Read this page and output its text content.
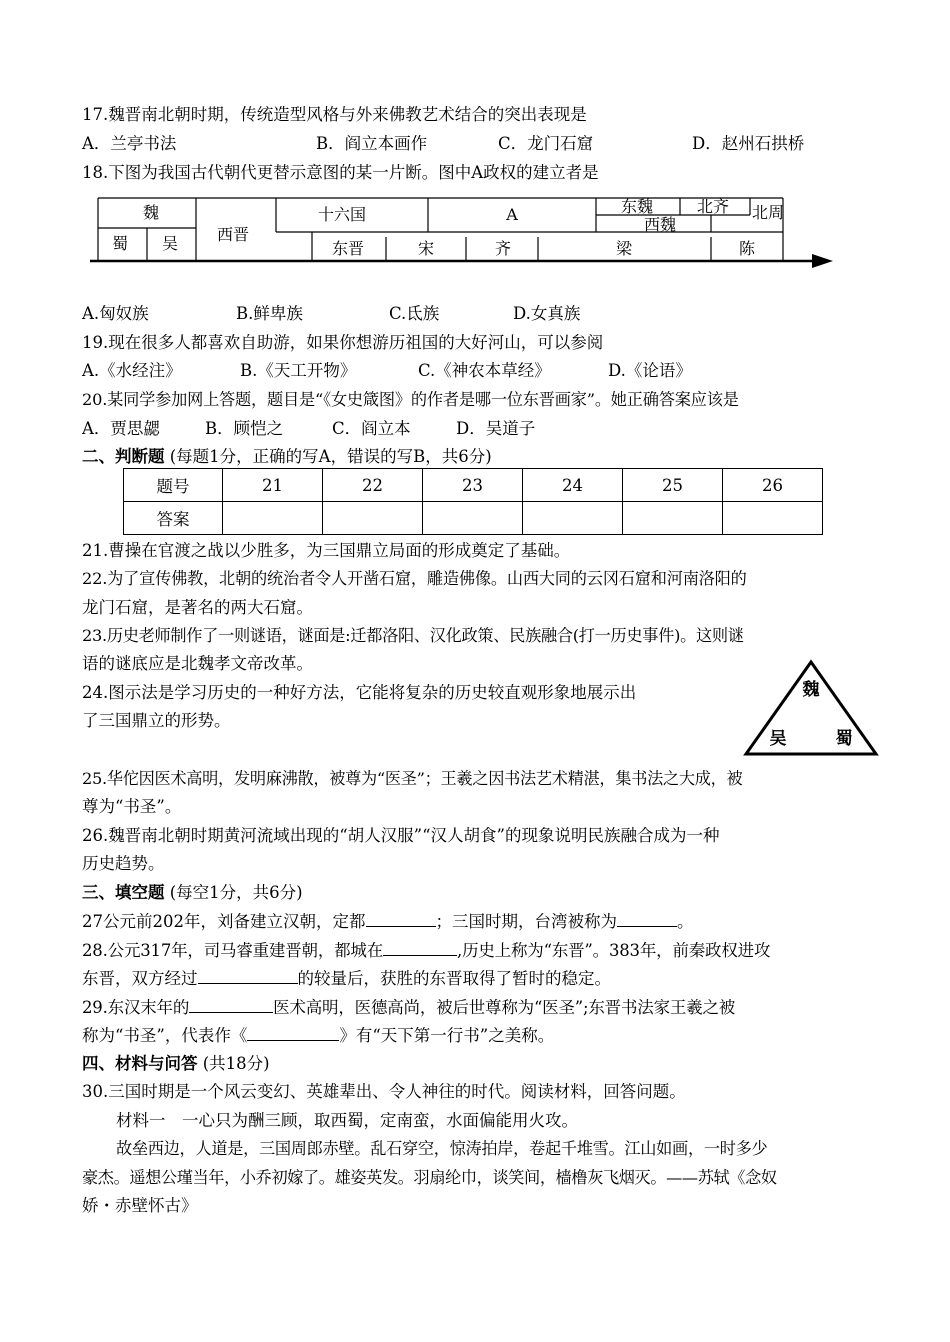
17.魏晋南北朝时期，传统造型风格与外来佛教艺术结合的突出表现是
A．兰亭书法	B．阎立本画作	C．龙门石窟	D．赵州石拱桥
18.下图为我国古代朝代更替示意图的某一片断。图中A政权的建立者是
魏
蜀 吴 西晋
十六国	A	东魏	北齐
西魏
北周
东晋	宋	齐	梁	陈
A.匈奴族	B.鲜卑族	C.氐族	D.女真族
19.现在很多人都喜欢自助游，如果你想游历祖国的大好河山，可以参阅
A.《水经注》	B.《天工开物》	C.《神农本草经》	D.《论语》
20.某同学参加网上答题，题目是“《女史箴图》的作者是哪一位东晋画家”。她正确答案应该是
A．贾思勰	B．顾恺之	C．阎立本	D．吴道子
二、判断题 (每题1分，正确的写A，错误的写B，共6分)
题号	21	22	23	24	25	26
答案						
21.曹操在官渡之战以少胜多，为三国鼎立局面的形成奠定了基础。
22.为了宣传佛教，北朝的统治者令人开凿石窟，雕造佛像。山西大同的云冈石窟和河南洛阳的
龙门石窟，是著名的两大石窟。
23.历史老师制作了一则谜语，谜面是:迁都洛阳、汉化政策、民族融合(打一历史事件)。这则谜
语的谜底应是北魏孝文帝改革。
24.图示法是学习历史的一种好方法，它能将复杂的历史较直观形象地展示出
了三国鼎立的形势。
魏
吴	蜀
25.华佗因医术高明，发明麻沸散，被尊为“医圣”；王羲之因书法艺术精湛，集书法之大成，被
尊为“书圣”。
26.魏晋南北朝时期黄河流域出现的“胡人汉服”“汉人胡食”的现象说明民族融合成为一种
历史趋势。
三、填空题 (每空1分，共6分)
27公元前202年，刘备建立汉朝，定都	；三国时期，台湾被称为	。
28.公元317年，司马睿重建晋朝，都城在	,历史上称为“东晋”。383年，前秦政权进攻
东晋，双方经过	的较量后，获胜的东晋取得了暂时的稳定。
29.东汉末年的	医术高明，医德高尚，被后世尊称为“医圣”;东晋书法家王羲之被
称为“书圣”，代表作《	》有“天下第一行书”之美称。
四、材料与问答 (共18分)
30.三国时期是一个风云变幻、英雄辈出、令人神往的时代。阅读材料，回答问题。
材料一　一心只为酬三顾，取西蜀，定南蛮，水面偏能用火攻。
故垒西边，人道是，三国周郎赤壁。乱石穿空，惊涛拍岸，卷起千堆雪。江山如画，一时多少
豪杰。遥想公瑾当年，小乔初嫁了。雄姿英发。羽扇纶巾，谈笑间，樯橹灰飞烟灭。——苏轼《念奴
娇・赤壁怀古》
